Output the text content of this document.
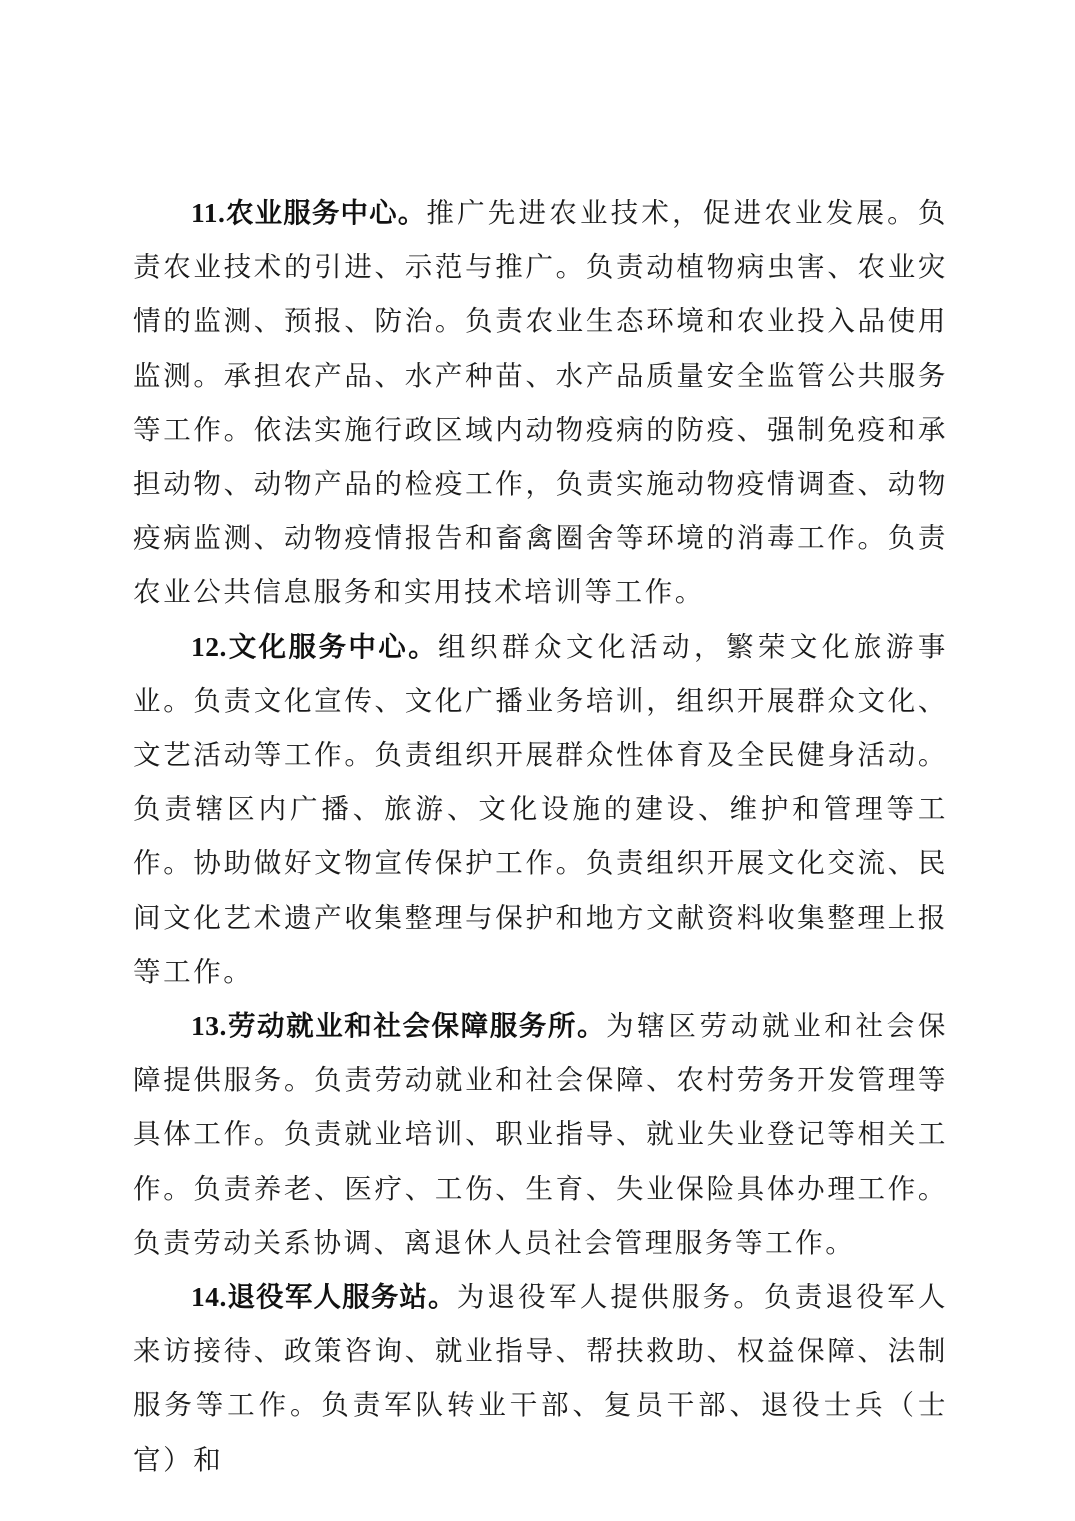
11.农业服务中心。推广先进农业技术，促进农业发展。负责农业技术的引进、示范与推广。负责动植物病虫害、农业灾情的监测、预报、防治。负责农业生态环境和农业投入品使用监测。承担农产品、水产种苗、水产品质量安全监管公共服务等工作。依法实施行政区域内动物疫病的防疫、强制免疫和承担动物、动物产品的检疫工作，负责实施动物疫情调查、动物疫病监测、动物疫情报告和畜禽圈舍等环境的消毒工作。负责农业公共信息服务和实用技术培训等工作。

12.文化服务中心。组织群众文化活动，繁荣文化旅游事业。负责文化宣传、文化广播业务培训，组织开展群众文化、文艺活动等工作。负责组织开展群众性体育及全民健身活动。负责辖区内广播、旅游、文化设施的建设、维护和管理等工作。协助做好文物宣传保护工作。负责组织开展文化交流、民间文化艺术遗产收集整理与保护和地方文献资料收集整理上报等工作。

13.劳动就业和社会保障服务所。为辖区劳动就业和社会保障提供服务。负责劳动就业和社会保障、农村劳务开发管理等具体工作。负责就业培训、职业指导、就业失业登记等相关工作。负责养老、医疗、工伤、生育、失业保险具体办理工作。负责劳动关系协调、离退休人员社会管理服务等工作。

14.退役军人服务站。为退役军人提供服务。负责退役军人来访接待、政策咨询、就业指导、帮扶救助、权益保障、法制服务等工作。负责军队转业干部、复员干部、退役士兵（士官）和
